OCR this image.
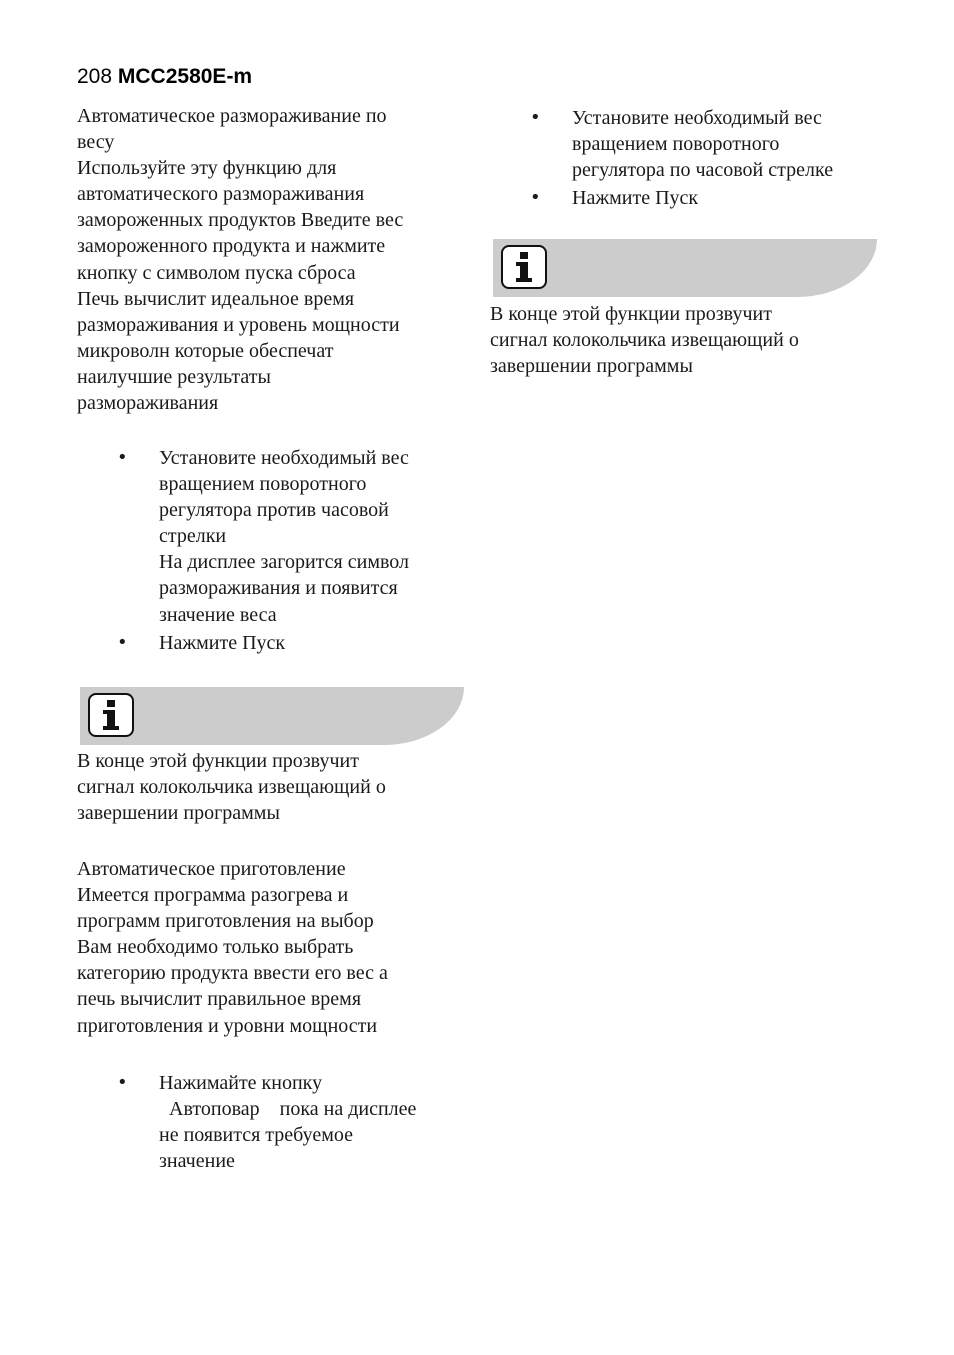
208 MCC2580E-m

Автоматическое размораживание по
весу
Используйте эту функцию для
автоматического размораживания
замороженных продуктов Введите вес
замороженного продукта и нажмите
кнопку с символом пуска сброса
Печь вычислит идеальное время
размораживания и уровень мощности
микроволн которые обеспечат
наилучшие результаты
размораживания
• Установите необходимый вес
вращением поворотного
регулятора против часовой
стрелки
На дисплее загорится символ
размораживания и появится
значение веса
• Нажмите Пуск
В конце этой функции прозвучит
сигнал колокольчика извещающий о
завершении программы
Автоматическое приготовление
Имеется программа разогрева и
программ приготовления на выбор
Вам необходимо только выбрать
категорию продукта ввести его вес а
печь вычислит правильное время
приготовления и уровни мощности
• Нажимайте кнопку
Автоповар    пока на дисплее
не появится требуемое
значение
• Установите необходимый вес
вращением поворотного
регулятора по часовой стрелке
• Нажмите Пуск
В конце этой функции прозвучит
сигнал колокольчика извещающий о
завершении программы
